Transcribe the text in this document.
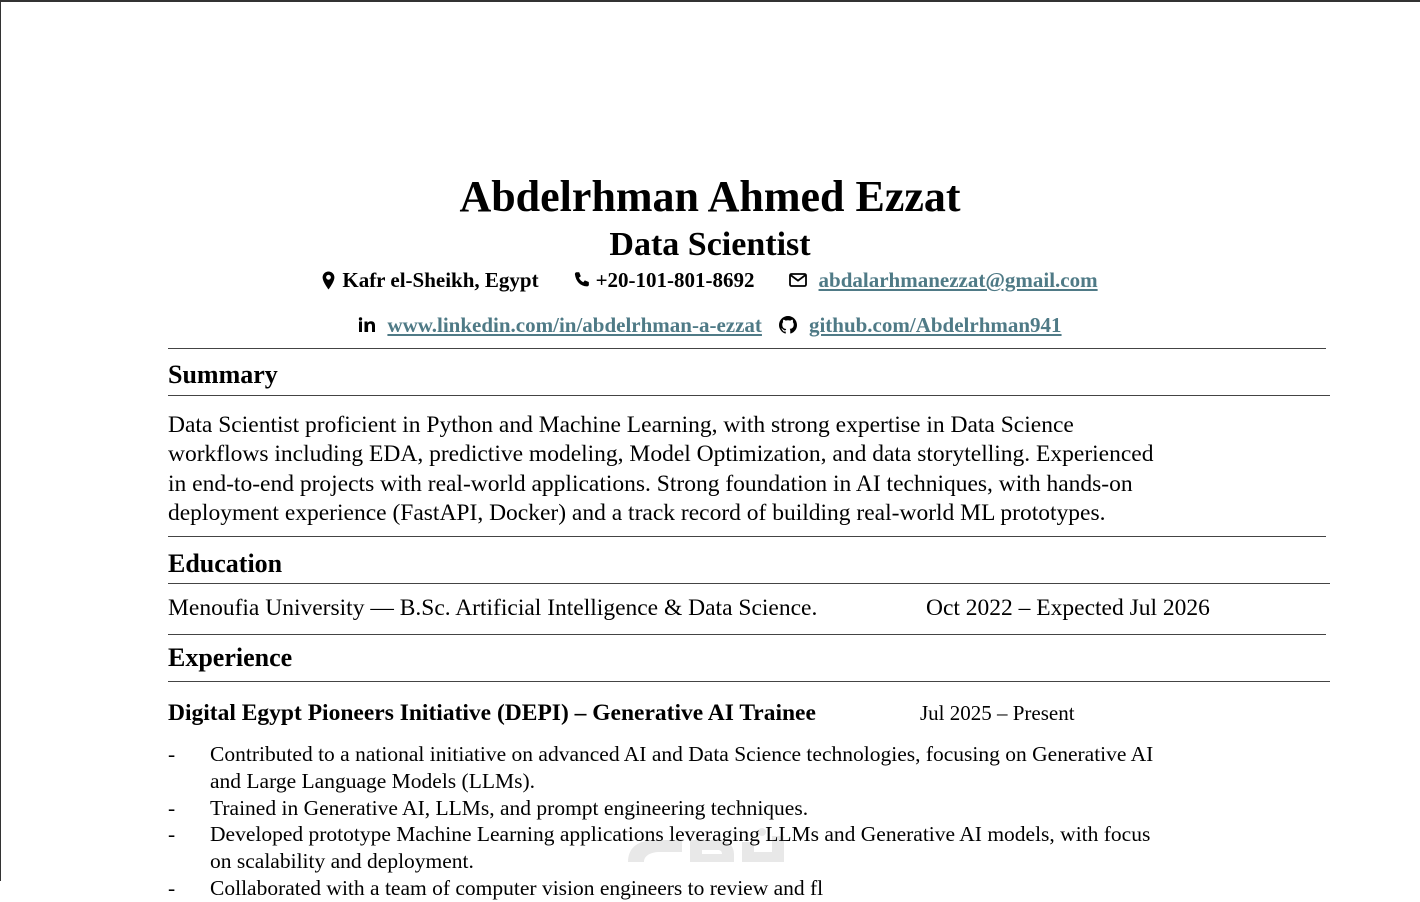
Abdelrhman Ahmed Ezzat
Data Scientist
Kafr el-Sheikh, Egypt	+20-101-801-8692	abdalarhmanezzat@gmail.com
www.linkedin.com/in/abdelrhman-a-ezzat github.com/Abdelrhman941
Summary
Data Scientist proficient in Python and Machine Learning, with strong expertise in Data Science
workflows including EDA, predictive modeling, Model Optimization, and data storytelling. Experienced
in end-to-end projects with real-world applications. Strong foundation in AI techniques, with hands-on
deployment experience (FastAPI, Docker) and a track record of building real-world ML prototypes.
Education
Menoufia University — B.Sc. Artificial Intelligence & Data Science.	Oct 2022 – Expected Jul 2026
Experience
Digital Egypt Pioneers Initiative (DEPI) – Generative AI Trainee	Jul 2025 – Present
- Contributed to a national initiative on advanced AI and Data Science technologies, focusing on Generative AI
and Large Language Models (LLMs).
- Trained in Generative AI, LLMs, and prompt engineering techniques.
- Developed prototype Machine Learning applications leveraging LLMs and Generative AI models, with focus
on scalability and deployment.
- Collaborated with a team of computer vision engineers to review and fl
